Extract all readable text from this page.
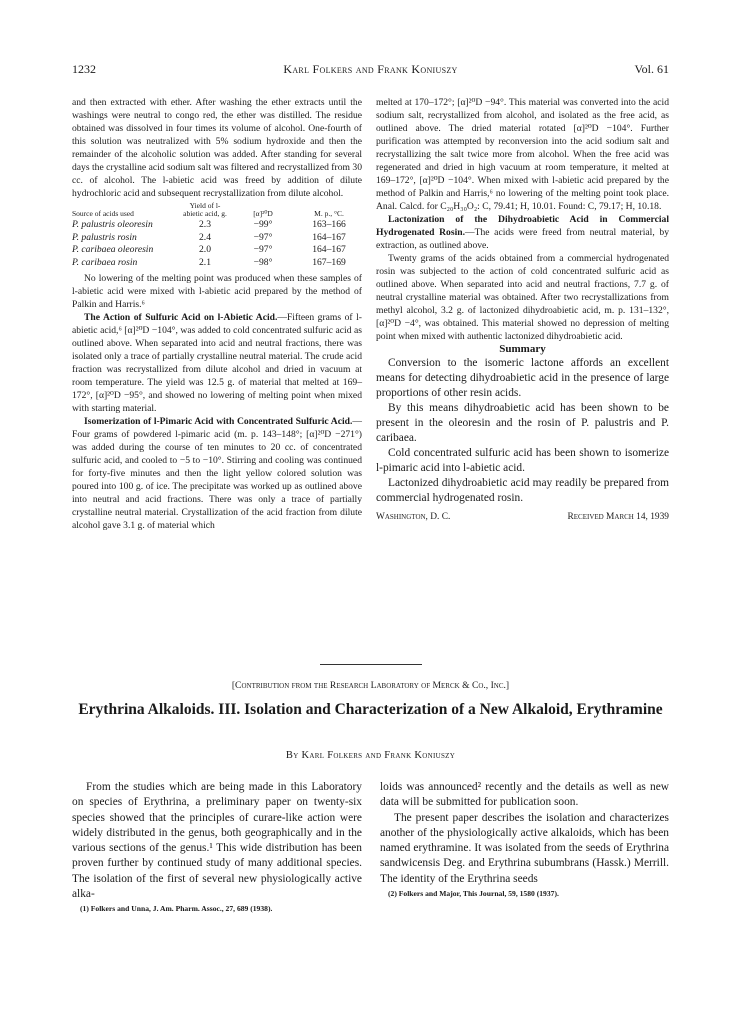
1232	Karl Folkers and Frank Koniuszy	Vol. 61

and then extracted with ether. After washing the ether extracts until the washings were neutral to congo red, the ether was distilled. The residue obtained was dissolved in four times its volume of alcohol. One-fourth of this solution was neutralized with 5% sodium hydroxide and then the remainder of the alcoholic solution was added. After standing for several days the crystalline acid sodium salt was filtered and recrystallized from 30 cc. of alcohol. The l-abietic acid was freed by addition of dilute hydrochloric acid and subsequent recrystallization from dilute alcohol.

Source of acids used	Yield of l-abietic acid, g.	[α]²⁰D	M. p., °C.
P. palustris oleoresin	2.3	−99°	163–166
P. palustris rosin	2.4	−97°	164–167
P. caribaea oleoresin	2.0	−97°	164–167
P. caribaea rosin	2.1	−98°	167–169

No lowering of the melting point was produced when these samples of l-abietic acid were mixed with l-abietic acid prepared by the method of Palkin and Harris.⁶

The Action of Sulfuric Acid on l-Abietic Acid.—Fifteen grams of l-abietic acid,⁶ [α]²⁰D −104°, was added to cold concentrated sulfuric acid as outlined above. When separated into acid and neutral fractions, there was isolated only a trace of partially crystalline neutral material. The crude acid fraction was recrystallized from dilute alcohol and dried in vacuum at room temperature. The yield was 12.5 g. of material that melted at 169–172°, [α]²⁰D −95°, and showed no lowering of melting point when mixed with starting material.

Isomerization of l-Pimaric Acid with Concentrated Sulfuric Acid.—Four grams of powdered l-pimaric acid (m. p. 143–148°; [α]²⁰D −271°) was added during the course of ten minutes to 20 cc. of concentrated sulfuric acid, and cooled to −5 to −10°. Stirring and cooling was continued for forty-five minutes and then the light yellow colored solution was poured into 100 g. of ice. The precipitate was worked up as outlined above into neutral and acid fractions. There was only a trace of partially crystalline neutral material. Crystallization of the acid fraction from dilute alcohol gave 3.1 g. of material which

melted at 170–172°; [α]²⁰D −94°. This material was converted into the acid sodium salt, recrystallized from alcohol, and isolated as the free acid, as outlined above. The dried material rotated [α]²⁰D −104°. Further purification was attempted by reconversion into the acid sodium salt and recrystallizing the salt twice more from alcohol. When the free acid was regenerated and dried in high vacuum at room temperature, it melted at 169–172°, [α]²⁰D −104°. When mixed with l-abietic acid prepared by the method of Palkin and Harris,⁶ no lowering of the melting point took place. Anal. Calcd. for C₂₀H₃₀O₂: C, 79.41; H, 10.01. Found: C, 79.17; H, 10.18.

Lactonization of the Dihydroabietic Acid in Commercial Hydrogenated Rosin.—The acids were freed from neutral material, by extraction, as outlined above.

Twenty grams of the acids obtained from a commercial hydrogenated rosin was subjected to the action of cold concentrated sulfuric acid as outlined above. When separated into acid and neutral fractions, 7.7 g. of neutral crystalline material was obtained. After two recrystallizations from methyl alcohol, 3.2 g. of lactonized dihydroabietic acid, m. p. 131–132°, [α]²⁰D −4°, was obtained. This material showed no depression of melting point when mixed with authentic lactonized dihydroabietic acid.

Summary

Conversion to the isomeric lactone affords an excellent means for detecting dihydroabietic acid in the presence of large proportions of other resin acids.

By this means dihydroabietic acid has been shown to be present in the oleoresin and the rosin of P. palustris and P. caribaea.

Cold concentrated sulfuric acid has been shown to isomerize l-pimaric acid into l-abietic acid.

Lactonized dihydroabietic acid may readily be prepared from commercial hydrogenated rosin.

Washington, D. C.	Received March 14, 1939
[Contribution from the Research Laboratory of Merck & Co., Inc.]
Erythrina Alkaloids. III. Isolation and Characterization of a New Alkaloid, Erythramine
By Karl Folkers and Frank Koniuszy

From the studies which are being made in this Laboratory on species of Erythrina, a preliminary paper on twenty-six species showed that the principles of curare-like action were widely distributed in the genus, both geographically and in the various sections of the genus.¹ This wide distribution has been proven further by continued study of many additional species. The isolation of the first of several new physiologically active alka-

(1) Folkers and Unna, J. Am. Pharm. Assoc., 27, 689 (1938).

loids was announced² recently and the details as well as new data will be submitted for publication soon.

The present paper describes the isolation and characterizes another of the physiologically active alkaloids, which has been named erythramine. It was isolated from the seeds of Erythrina sandwicensis Deg. and Erythrina subumbrans (Hassk.) Merrill. The identity of the Erythrina seeds

(2) Folkers and Major, This Journal, 59, 1580 (1937).
